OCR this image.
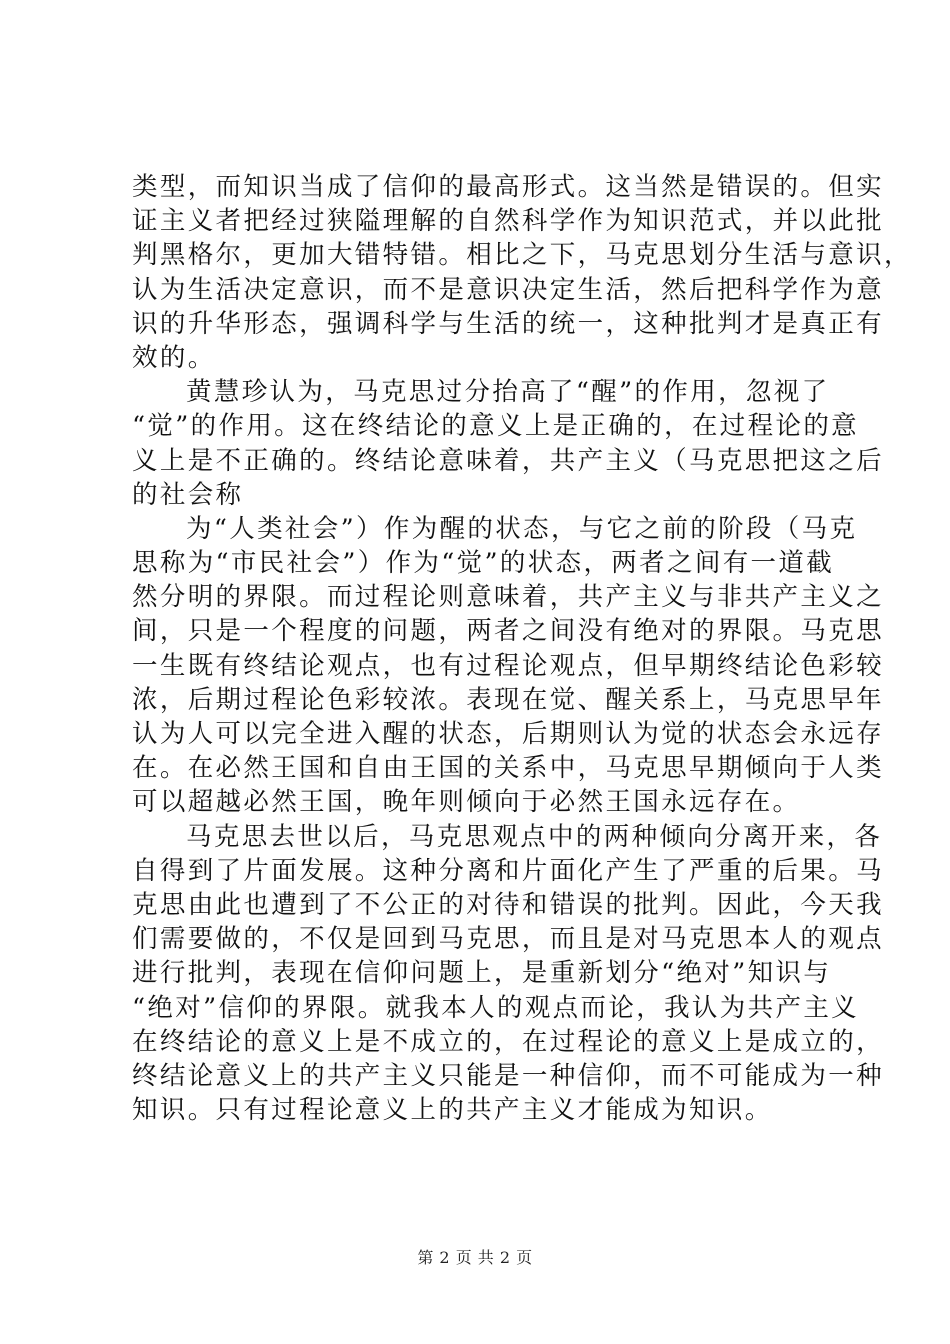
类型，而知识当成了信仰的最高形式。这当然是错误的。但实
证主义者把经过狭隘理解的自然科学作为知识范式，并以此批
判黑格尔，更加大错特错。相比之下，马克思划分生活与意识，
认为生活决定意识，而不是意识决定生活，然后把科学作为意
识的升华形态，强调科学与生活的统一，这种批判才是真正有
效的。
黄慧珍认为，马克思过分抬高了“醒”的作用，忽视了
“觉”的作用。这在终结论的意义上是正确的，在过程论的意
义上是不正确的。终结论意味着，共产主义（马克思把这之后
的社会称
为“人类社会”）作为醒的状态，与它之前的阶段（马克
思称为“市民社会”）作为“觉”的状态，两者之间有一道截
然分明的界限。而过程论则意味着，共产主义与非共产主义之
间，只是一个程度的问题，两者之间没有绝对的界限。马克思
一生既有终结论观点，也有过程论观点，但早期终结论色彩较
浓，后期过程论色彩较浓。表现在觉、醒关系上，马克思早年
认为人可以完全进入醒的状态，后期则认为觉的状态会永远存
在。在必然王国和自由王国的关系中，马克思早期倾向于人类
可以超越必然王国，晚年则倾向于必然王国永远存在。
马克思去世以后，马克思观点中的两种倾向分离开来，各
自得到了片面发展。这种分离和片面化产生了严重的后果。马
克思由此也遭到了不公正的对待和错误的批判。因此，今天我
们需要做的，不仅是回到马克思，而且是对马克思本人的观点
进行批判，表现在信仰问题上，是重新划分“绝对”知识与
“绝对”信仰的界限。就我本人的观点而论，我认为共产主义
在终结论的意义上是不成立的，在过程论的意义上是成立的，
终结论意义上的共产主义只能是一种信仰，而不可能成为一种
知识。只有过程论意义上的共产主义才能成为知识。
第 2 页 共 2 页
